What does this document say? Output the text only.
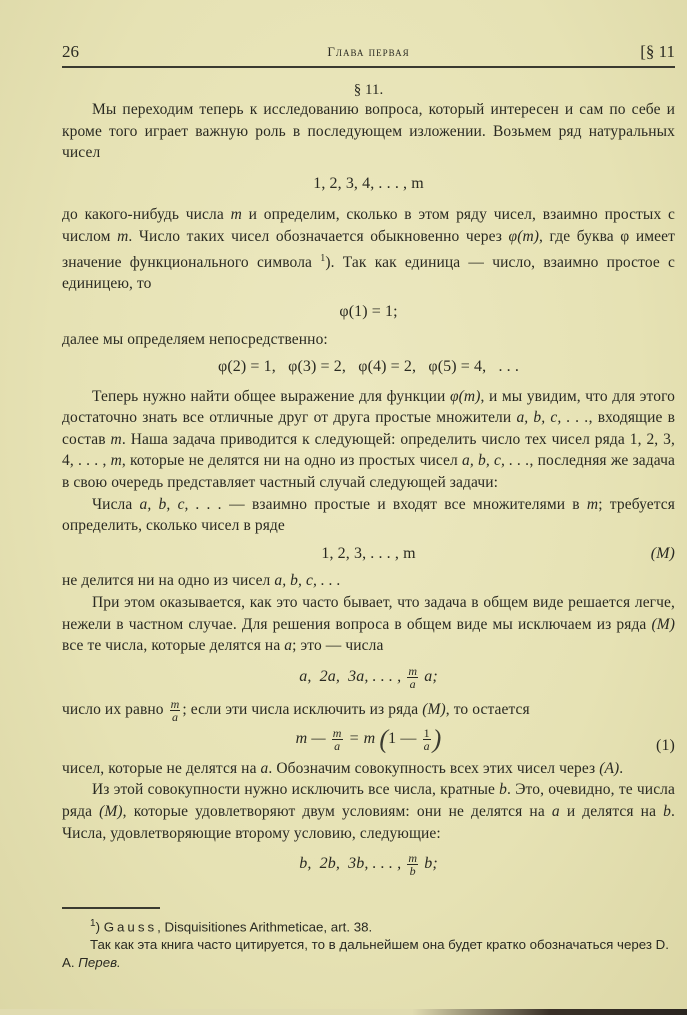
26	Глава первая	[§ 11
§ 11.

Мы переходим теперь к исследованию вопроса, который интересен и сам по себе и кроме того играет важную роль в последующем изложении. Возьмем ряд натуральных чисел

1, 2, 3, 4, . . . , m

до какого-нибудь числа m и определим, сколько в этом ряду чисел, взаимно простых с числом m. Число таких чисел обозначается обыкновенно через φ(m), где буква φ имеет значение функционального символа $^1$). Так как единица — число, взаимно простое с единицею, то

φ(1) = 1;

далее мы определяем непосредственно:

φ(2) = 1,   φ(3) = 2,   φ(4) = 2,   φ(5) = 4,   . . .

Теперь нужно найти общее выражение для функции φ(m), и мы увидим, что для этого достаточно знать все отличные друг от друга простые множители a, b, c, . . ., входящие в состав m. Наша задача приводится к следующей: определить число тех чисел ряда 1, 2, 3, 4, . . . , m, которые не делятся ни на одно из простых чисел a, b, c, . . ., последняя же задача в свою очередь представляет частный случай следующей задачи:

Числа a, b, c, . . . — взаимно простые и входят все множителями в m; требуется определить, сколько чисел в ряде

1, 2, 3, . . . , m	(M)

не делится ни на одно из чисел a, b, c, . . .

При этом оказывается, как это часто бывает, что задача в общем виде решается легче, нежели в частном случае. Для решения вопроса в общем виде мы исключаем из ряда (M) все те числа, которые делятся на a; это — числа

a,  2a,  3a, . . . , $\frac{m}{a} a$;

число их равно $\frac{m}{a}$ ; если эти числа исключить из ряда (M), то остается

m — $\frac{m}{a} = m$ (1 — $\frac{1}{a}$ )	(1)

чисел, которые не делятся на a. Обозначим совокупность всех этих чисел через (A).

Из этой совокупности нужно исключить все числа, кратные b. Это, очевидно, те числа ряда (M), которые удовлетворяют двум условиям: они не делятся на a и делятся на b. Числа, удовлетворяющие второму условию, следующие:

b,  2b,  3b, . . . , $\frac{m}{b} b$;

$^1$) Gauss, Disquisitiones Arithmeticae, art. 38.

Так как эта книга часто цитируется, то в дальнейшем она будет кратко обозначаться через D. A. Перев.
